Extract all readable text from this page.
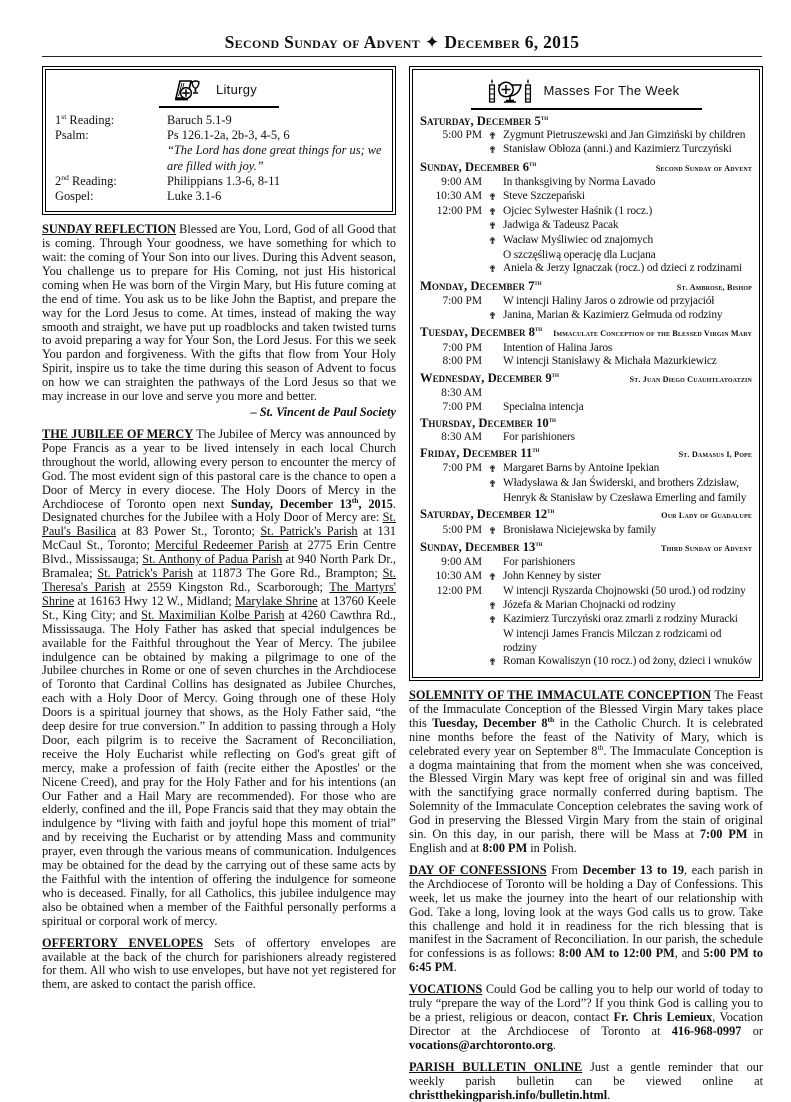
Second Sunday of Advent ✦ December 6, 2015
Liturgy
1st Reading:	Baruch 5.1-9
Psalm:	Ps 126.1-2a, 2b-3, 4-5, 6
“The Lord has done great things for us; we are filled with joy.”
2nd Reading:	Philippians 1.3-6, 8-11
Gospel:	Luke 3.1-6

SUNDAY REFLECTION Blessed are You, Lord, God of all Good that is coming. Through Your goodness, we have something for which to wait: the coming of Your Son into our lives. During this Advent season, You challenge us to prepare for His Coming, not just His historical coming when He was born of the Virgin Mary, but His future coming at the end of time. You ask us to be like John the Baptist, and prepare the way for the Lord Jesus to come. At times, instead of making the way smooth and straight, we have put up roadblocks and taken twisted turns to avoid preparing a way for Your Son, the Lord Jesus. For this we seek You pardon and forgiveness. With the gifts that flow from Your Holy Spirit, inspire us to take the time during this season of Advent to focus on how we can straighten the pathways of the Lord Jesus so that we may increase in our love and serve you more and better.

– St. Vincent de Paul Society

THE JUBILEE OF MERCY The Jubilee of Mercy was announced by Pope Francis as a year to be lived intensely in each local Church throughout the world, allowing every person to encounter the mercy of God. The most evident sign of this pastoral care is the chance to open a Door of Mercy in every diocese. The Holy Doors of Mercy in the Archdiocese of Toronto open next Sunday, December 13th, 2015. Designated churches for the Jubilee with a Holy Door of Mercy are: St. Paul's Basilica at 83 Power St., Toronto; St. Patrick's Parish at 131 McCaul St., Toronto; Merciful Redeemer Parish at 2775 Erin Centre Blvd., Mississauga; St. Anthony of Padua Parish at 940 North Park Dr., Bramalea; St. Patrick's Parish at 11873 The Gore Rd., Brampton; St. Theresa's Parish at 2559 Kingston Rd., Scarborough; The Martyrs' Shrine at 16163 Hwy 12 W., Midland; Marylake Shrine at 13760 Keele St., King City; and St. Maximilian Kolbe Parish at 4260 Cawthra Rd., Mississauga. The Holy Father has asked that special indulgences be available for the Faithful throughout the Year of Mercy. The jubilee indulgence can be obtained by making a pilgrimage to one of the Jubilee churches in Rome or one of seven churches in the Archdiocese of Toronto that Cardinal Collins has designated as Jubilee Churches, each with a Holy Door of Mercy. Going through one of these Holy Doors is a spiritual journey that shows, as the Holy Father said, “the deep desire for true conversion.” In addition to passing through a Holy Door, each pilgrim is to receive the Sacrament of Reconciliation, receive the Holy Eucharist while reflecting on God's great gift of mercy, make a profession of faith (recite either the Apostles' or the Nicene Creed), and pray for the Holy Father and for his intentions (an Our Father and a Hail Mary are recommended). For those who are elderly, confined and the ill, Pope Francis said that they may obtain the indulgence by “living with faith and joyful hope this moment of trial” and by receiving the Eucharist or by attending Mass and community prayer, even through the various means of communication. Indulgences may be obtained for the dead by the carrying out of these same acts by the Faithful with the intention of offering the indulgence for someone who is deceased. Finally, for all Catholics, this jubilee indulgence may also be obtained when a member of the Faithful personally performs a spiritual or corporal work of mercy.

OFFERTORY ENVELOPES Sets of offertory envelopes are available at the back of the church for parishioners already registered for them. All who wish to use envelopes, but have not yet registered for them, are asked to contact the parish office.

Masses For The Week
Saturday, December 5th
5:00 PM ✟ Zygmunt Pietruszewski and Jan Gimziński by children
✟ Stanisław Obłoza (anni.) and Kazimierz Turczyński
Sunday, December 6th
Second Sunday of Advent
9:00 AM In thanksgiving by Norma Lavado
10:30 AM ✟ Steve Szczepański
12:00 PM ✟ Ojciec Sylwester Haśnik (1 rocz.)
✟ Jadwiga & Tadeusz Pacak
✟ Wacław Myśliwiec od znajomych
O szczęśliwą operację dla Lucjana
✟ Aniela & Jerzy Ignaczak (rocz.) od dzieci z rodzinami
Monday, December 7th
St. Ambrose, Bishop
7:00 PM W intencji Haliny Jaros o zdrowie od przyjaciół
✟ Janina, Marian & Kazimierz Gełmuda od rodziny
Tuesday, December 8th
Immaculate Conception of the Blessed Virgin Mary
7:00 PM Intention of Halina Jaros
8:00 PM W intencji Stanisławy & Michała Mazurkiewicz
Wednesday, December 9th
St. Juan Diego Cuauhtlatoatzin
8:30 AM
7:00 PM Specialna intencja
Thursday, December 10th
8:30 AM For parishioners
Friday, December 11th
St. Damasus I, Pope
7:00 PM ✟ Margaret Barns by Antoine Ipekian
✟ Władysława & Jan Świderski, and brothers Zdzisław,
Henryk & Stanisław by Czesława Emerling and family
Saturday, December 12th
Our Lady of Guadalupe
5:00 PM ✟ Bronisława Niciejewska by family
Sunday, December 13th
Third Sunday of Advent
9:00 AM For parishioners
10:30 AM ✟ John Kenney by sister
12:00 PM W intencji Ryszarda Chojnowski (50 urod.) od rodziny
✟ Józefa & Marian Chojnacki od rodziny
✟ Kazimierz Turczyński oraz zmarli z rodziny Muracki
W intencji James Francis Milczan z rodzicami od rodziny
✟ Roman Kowaliszyn (10 rocz.) od żony, dzieci i wnuków

SOLEMNITY OF THE IMMACULATE CONCEPTION The Feast of the Immaculate Conception of the Blessed Virgin Mary takes place this Tuesday, December 8th in the Catholic Church. It is celebrated nine months before the feast of the Nativity of Mary, which is celebrated every year on September 8th. The Immaculate Conception is a dogma maintaining that from the moment when she was conceived, the Blessed Virgin Mary was kept free of original sin and was filled with the sanctifying grace normally conferred during baptism. The Solemnity of the Immaculate Conception celebrates the saving work of God in preserving the Blessed Virgin Mary from the stain of original sin. On this day, in our parish, there will be Mass at 7:00 PM in English and at 8:00 PM in Polish.

DAY OF CONFESSIONS From December 13 to 19, each parish in the Archdiocese of Toronto will be holding a Day of Confessions. This week, let us make the journey into the heart of our relationship with God. Take a long, loving look at the ways God calls us to grow. Take this challenge and hold it in readiness for the rich blessing that is manifest in the Sacrament of Reconciliation. In our parish, the schedule for confessions is as follows: 8:00 AM to 12:00 PM, and 5:00 PM to 6:45 PM.

VOCATIONS Could God be calling you to help our world of today to truly “prepare the way of the Lord”? If you think God is calling you to be a priest, religious or deacon, contact Fr. Chris Lemieux, Vocation Director at the Archdiocese of Toronto at 416-968-0997 or vocations@archtoronto.org.

PARISH BULLETIN ONLINE Just a gentle reminder that our weekly parish bulletin can be viewed online at christthekingparish.info/bulletin.html.
